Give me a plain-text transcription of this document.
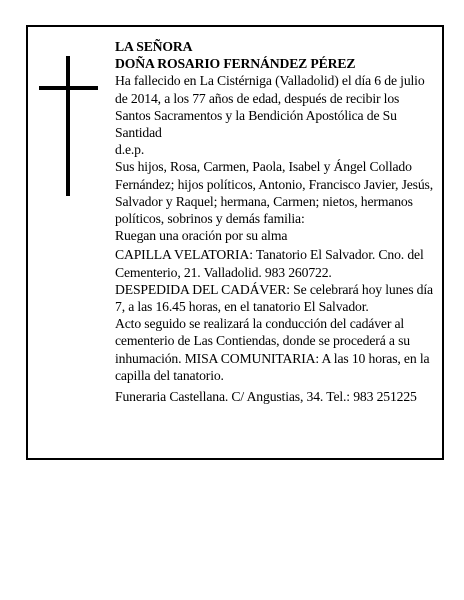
LA SEÑORA

DOÑA ROSARIO FERNÁNDEZ PÉREZ

Ha fallecido en La Cistérniga (Valladolid) el día 6 de julio de 2014, a los 77 años de edad, después de recibir los Santos Sacramentos y la Bendición Apostólica de Su Santidad

d.e.p.

Sus hijos, Rosa, Carmen, Paola, Isabel y Ángel Collado Fernández; hijos políticos, Antonio, Francisco Javier, Jesús, Salvador y Raquel; hermana, Carmen; nietos, hermanos políticos, sobrinos y demás familia:

Ruegan una oración por su alma

CAPILLA VELATORIA: Tanatorio El Salvador. Cno. del Cementerio, 21. Valladolid. 983 260722.

DESPEDIDA DEL CADÁVER: Se celebrará hoy lunes día 7, a las 16.45 horas, en el tanatorio El Salvador.

Acto seguido se realizará la conducción del cadáver al cementerio de Las Contiendas, donde se procederá a su inhumación. MISA COMUNITARIA: A las 10 horas, en la capilla del tanatorio.

Funeraria Castellana. C/ Angustias, 34. Tel.: 983 251225
